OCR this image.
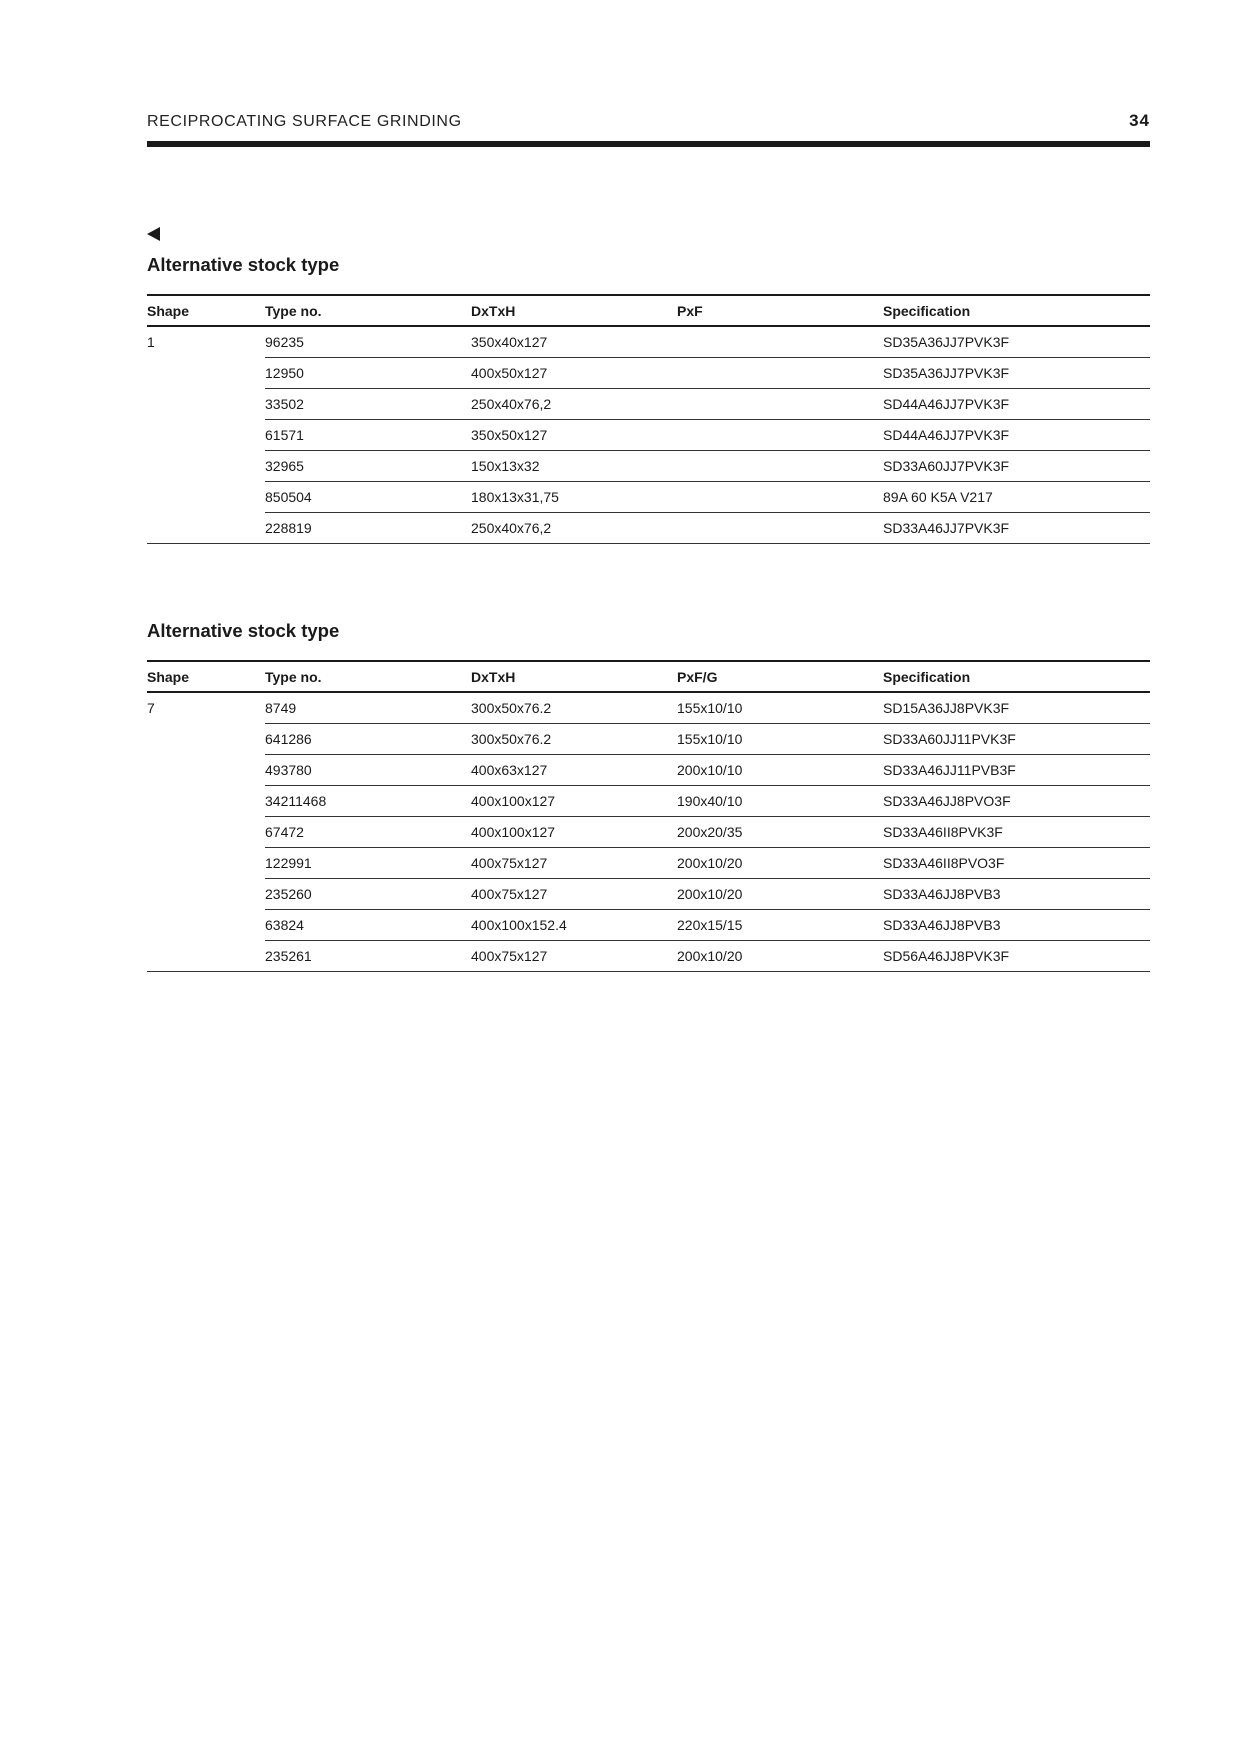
RECIPROCATING SURFACE GRINDING	34
Alternative stock type
Shape	Type no.	DxTxH	PxF	Specification
1	96235	350x40x127		SD35A36JJ7PVK3F
	12950	400x50x127		SD35A36JJ7PVK3F
	33502	250x40x76,2		SD44A46JJ7PVK3F
	61571	350x50x127		SD44A46JJ7PVK3F
	32965	150x13x32		SD33A60JJ7PVK3F
	850504	180x13x31,75		89A 60 K5A V217
	228819	250x40x76,2		SD33A46JJ7PVK3F
Alternative stock type
Shape	Type no.	DxTxH	PxF/G	Specification
7	8749	300x50x76.2	155x10/10	SD15A36JJ8PVK3F
	641286	300x50x76.2	155x10/10	SD33A60JJ11PVK3F
	493780	400x63x127	200x10/10	SD33A46JJ11PVB3F
	34211468	400x100x127	190x40/10	SD33A46JJ8PVO3F
	67472	400x100x127	200x20/35	SD33A46II8PVK3F
	122991	400x75x127	200x10/20	SD33A46II8PVO3F
	235260	400x75x127	200x10/20	SD33A46JJ8PVB3
	63824	400x100x152.4	220x15/15	SD33A46JJ8PVB3
	235261	400x75x127	200x10/20	SD56A46JJ8PVK3F
